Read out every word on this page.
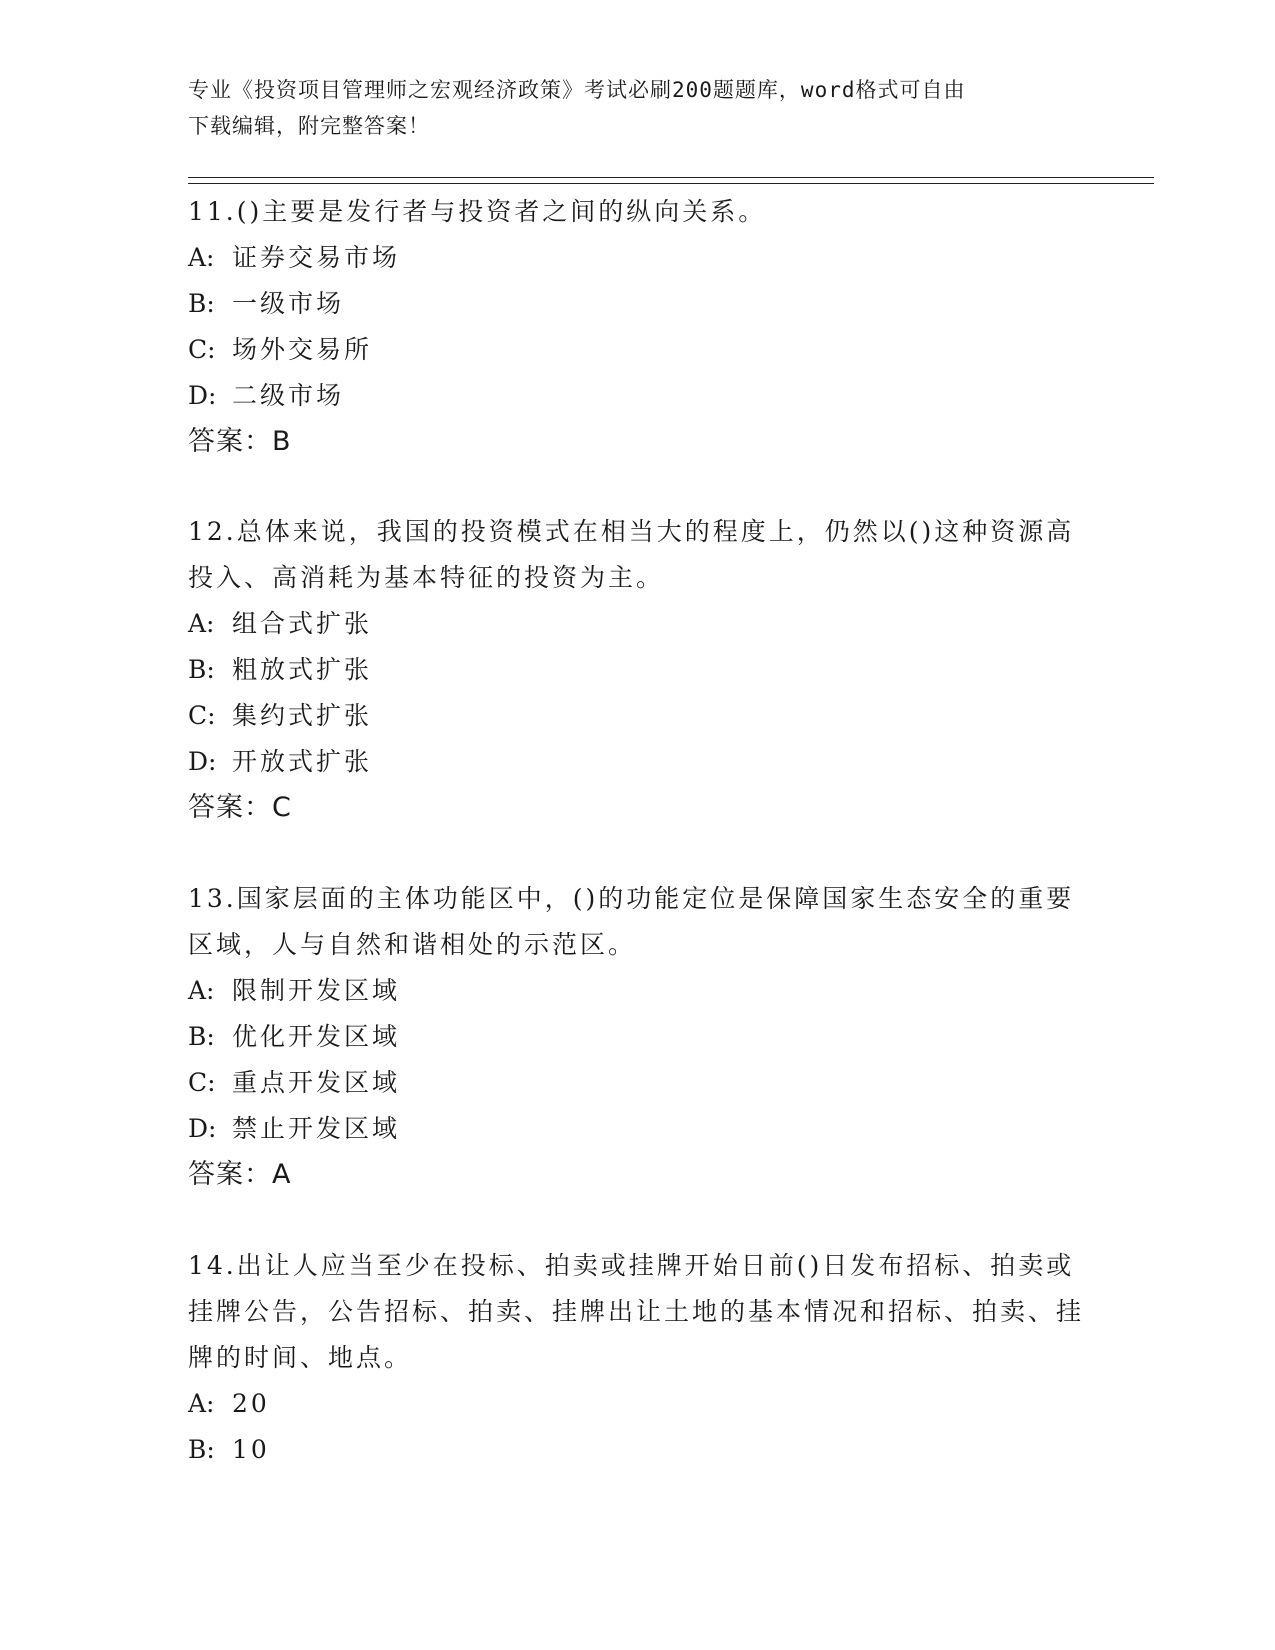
专业《投资项目管理师之宏观经济政策》考试必刷200题题库，word格式可自由
下载编辑，附完整答案！

11.()主要是发行者与投资者之间的纵向关系。

A: 证券交易市场

B: 一级市场

C: 场外交易所

D: 二级市场

答案：B

12.总体来说，我国的投资模式在相当大的程度上，仍然以()这种资源高投入、高消耗为基本特征的投资为主。

A: 组合式扩张

B: 粗放式扩张

C: 集约式扩张

D: 开放式扩张

答案：C

13.国家层面的主体功能区中，()的功能定位是保障国家生态安全的重要区域，人与自然和谐相处的示范区。

A: 限制开发区域

B: 优化开发区域

C: 重点开发区域

D: 禁止开发区域

答案：A

14.出让人应当至少在投标、拍卖或挂牌开始日前()日发布招标、拍卖或挂牌公告，公告招标、拍卖、挂牌出让土地的基本情况和招标、拍卖、挂牌的时间、地点。

A: 20

B: 10
